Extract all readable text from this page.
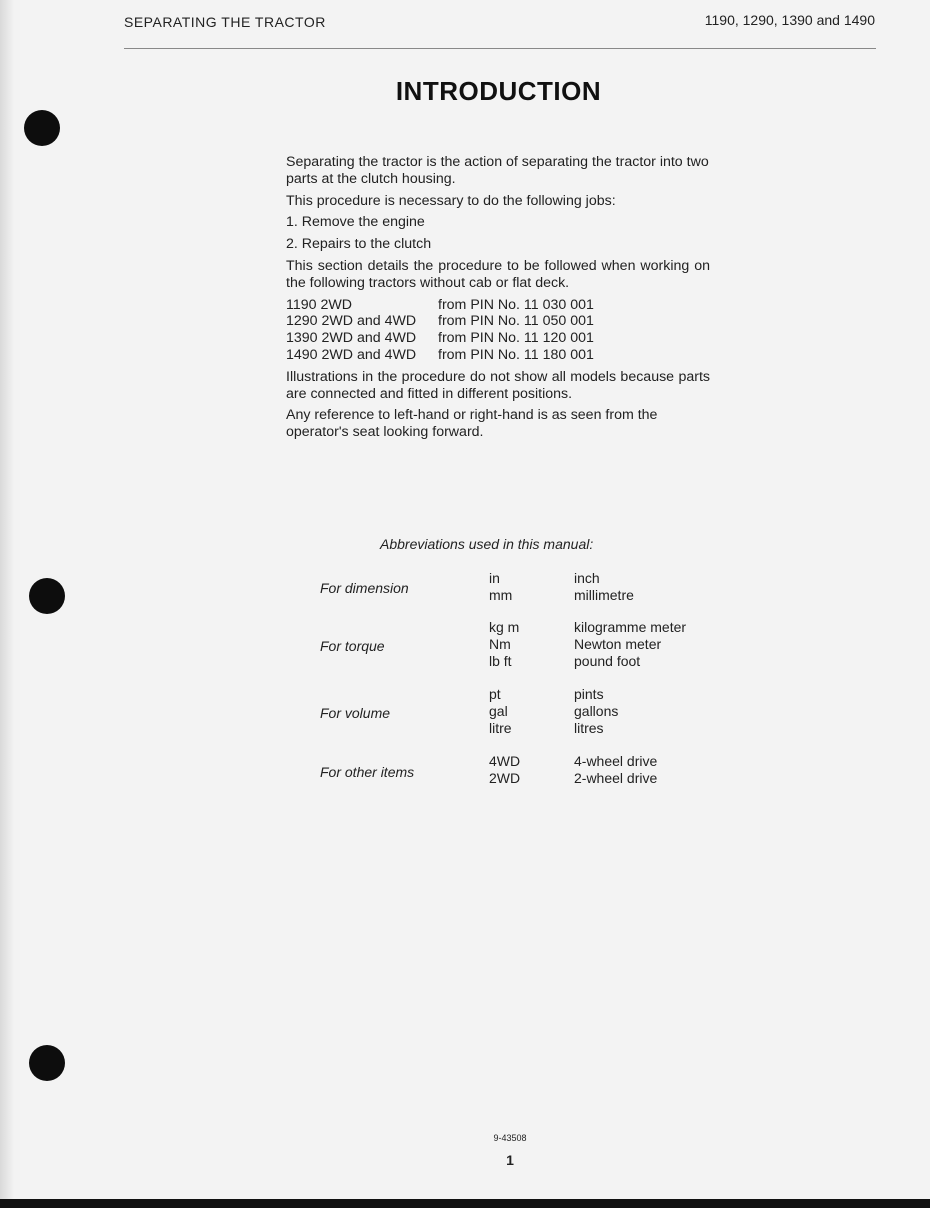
SEPARATING THE TRACTOR	1190, 1290, 1390 and 1490
INTRODUCTION

Separating the tractor is the action of separating the tractor into two parts at the clutch housing.

This procedure is necessary to do the following jobs:

1. Remove the engine

2. Repairs to the clutch

This section details the procedure to be followed when working on the following tractors without cab or flat deck.

1190 2WD	from PIN No. 11 030 001
1290 2WD and 4WD	from PIN No. 11 050 001
1390 2WD and 4WD	from PIN No. 11 120 001
1490 2WD and 4WD	from PIN No. 11 180 001

Illustrations in the procedure do not show all models because parts are connected and fitted in different positions.

Any reference to left-hand or right-hand is as seen from the operator's seat looking forward.

Abbreviations used in this manual:
For dimension
in	inch
mm	millimetre
For torque
kg m	kilogramme meter
Nm	Newton meter
lb ft	pound foot
For volume
pt	pints
gal	gallons
litre	litres
For other items
4WD	4-wheel drive
2WD	2-wheel drive
9-43508
1
